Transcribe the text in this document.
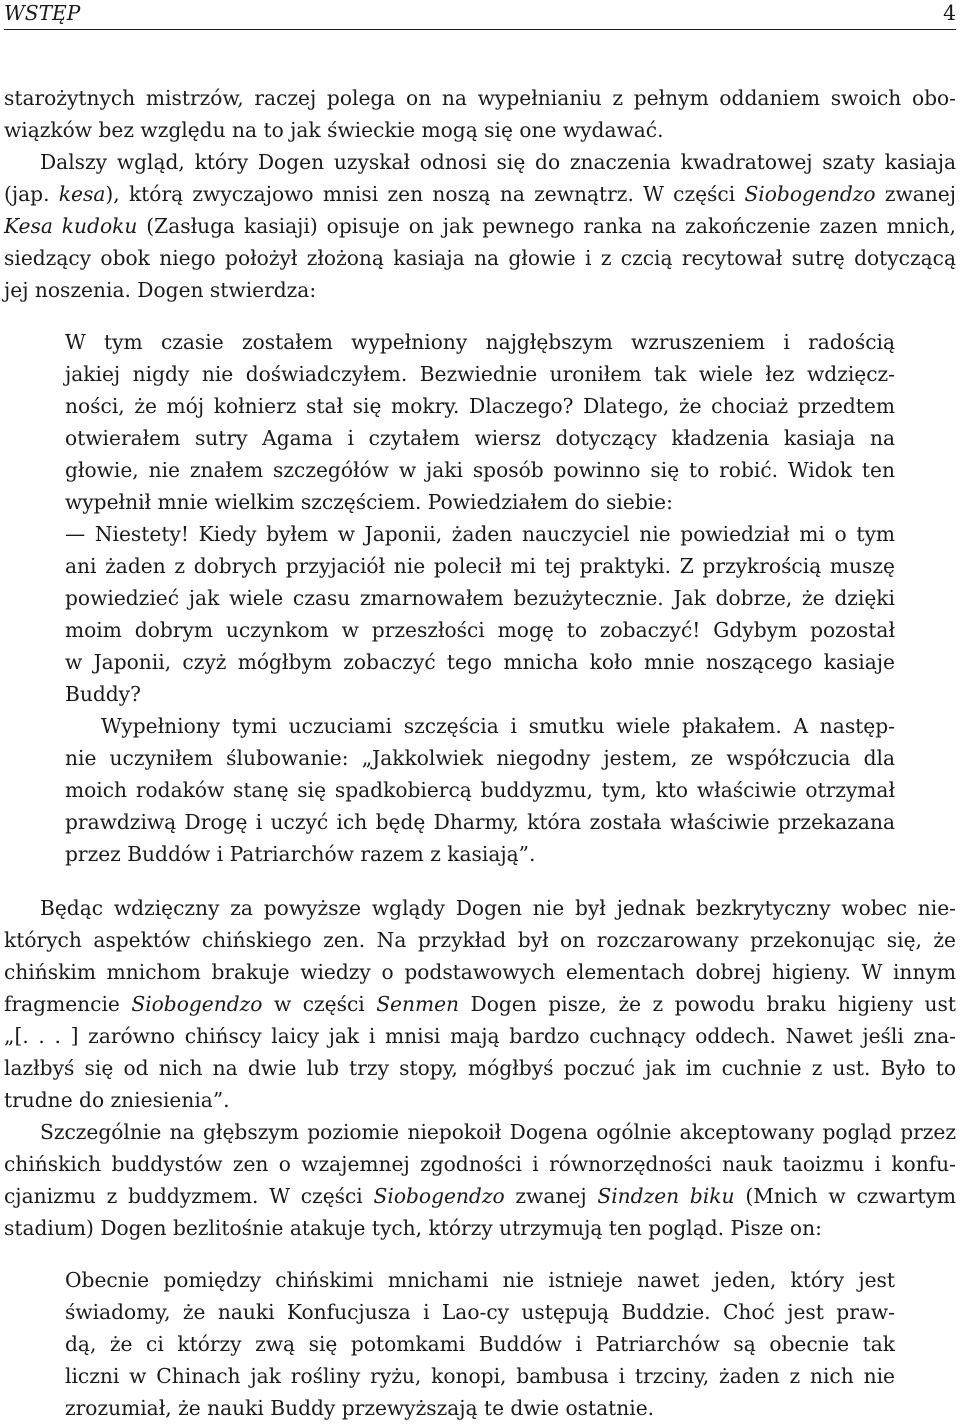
WSTĘP	4

starożytnych mistrzów, raczej polega on na wypełnianiu z pełnym oddaniem swoich obo-
wiązków bez względu na to jak świeckie mogą się one wydawać.

Dalszy wgląd, który Dogen uzyskał odnosi się do znaczenia kwadratowej szaty kasiaja
(jap. kesa), którą zwyczajowo mnisi zen noszą na zewnątrz. W części Siobogendzo zwanej
Kesa kudoku (Zasługa kasiaji) opisuje on jak pewnego ranka na zakończenie zazen mnich,
siedzący obok niego położył złożoną kasiaja na głowie i z czcią recytował sutrę dotyczącą
jej noszenia. Dogen stwierdza:

W tym czasie zostałem wypełniony najgłębszym wzruszeniem i radością
jakiej nigdy nie doświadczyłem. Bezwiednie uroniłem tak wiele łez wdzięcz-
ności, że mój kołnierz stał się mokry. Dlaczego? Dlatego, że chociaż przedtem
otwierałem sutry Agama i czytałem wiersz dotyczący kładzenia kasiaja na
głowie, nie znałem szczegółów w jaki sposób powinno się to robić. Widok ten
wypełnił mnie wielkim szczęściem. Powiedziałem do siebie:
— Niestety! Kiedy byłem w Japonii, żaden nauczyciel nie powiedział mi o tym
ani żaden z dobrych przyjaciół nie polecił mi tej praktyki. Z przykrością muszę
powiedzieć jak wiele czasu zmarnowałem bezużytecznie. Jak dobrze, że dzięki
moim dobrym uczynkom w przeszłości mogę to zobaczyć! Gdybym pozostał
w Japonii, czyż mógłbym zobaczyć tego mnicha koło mnie noszącego kasiaje
Buddy?

Wypełniony tymi uczuciami szczęścia i smutku wiele płakałem. A następ-
nie uczyniłem ślubowanie: „Jakkolwiek niegodny jestem, ze współczucia dla
moich rodaków stanę się spadkobiercą buddyzmu, tym, kto właściwie otrzymał
prawdziwą Drogę i uczyć ich będę Dharmy, która została właściwie przekazana
przez Buddów i Patriarchów razem z kasiają”.

Będąc wdzięczny za powyższe wglądy Dogen nie był jednak bezkrytyczny wobec nie-
których aspektów chińskiego zen. Na przykład był on rozczarowany przekonując się, że
chińskim mnichom brakuje wiedzy o podstawowych elementach dobrej higieny. W innym
fragmencie Siobogendzo w części Senmen Dogen pisze, że z powodu braku higieny ust
„[. . . ] zarówno chińscy laicy jak i mnisi mają bardzo cuchnący oddech. Nawet jeśli zna-
lazłbyś się od nich na dwie lub trzy stopy, mógłbyś poczuć jak im cuchnie z ust. Było to
trudne do zniesienia”.

Szczególnie na głębszym poziomie niepokoił Dogena ogólnie akceptowany pogląd przez
chińskich buddystów zen o wzajemnej zgodności i równorzędności nauk taoizmu i konfu-
cjanizmu z buddyzmem. W części Siobogendzo zwanej Sindzen biku (Mnich w czwartym
stadium) Dogen bezlitośnie atakuje tych, którzy utrzymują ten pogląd. Pisze on:

Obecnie pomiędzy chińskimi mnichami nie istnieje nawet jeden, który jest
świadomy, że nauki Konfucjusza i Lao-cy ustępują Buddzie. Choć jest praw-
dą, że ci którzy zwą się potomkami Buddów i Patriarchów są obecnie tak
liczni w Chinach jak rośliny ryżu, konopi, bambusa i trzciny, żaden z nich nie
zrozumiał, że nauki Buddy przewyższają te dwie ostatnie.
